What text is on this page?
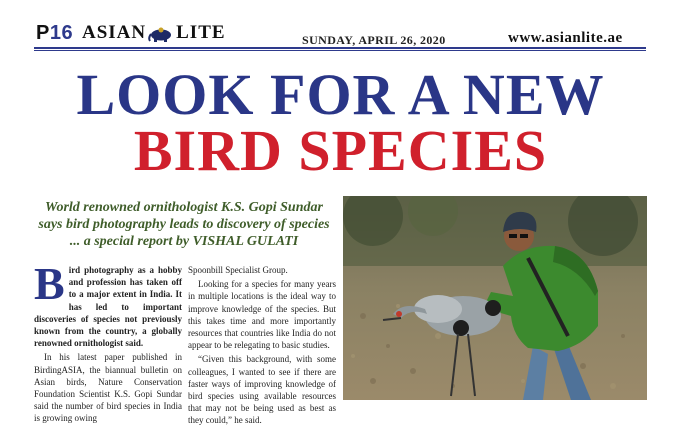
P16 ASIAN LITE	SUNDAY, APRIL 26, 2020	www.asianlite.ae
LOOK FOR A NEW
BIRD SPECIES
World renowned ornithologist K.S. Gopi Sundar says bird photography leads to discovery of species ... a special report by VISHAL GULATI

Bird photography as a hobby and profession has taken off to a major extent in India. It has led to important discoveries of species not previously known from the country, a globally renowned ornithologist said.

In his latest paper published in BirdingASIA, the biannual bulletin on Asian birds, Nature Conservation Foundation Scientist K.S. Gopi Sundar said the number of bird species in India is growing owing

Spoonbill Specialist Group.

Looking for a species for many years in multiple locations is the ideal way to improve knowledge of the species. But this takes time and more importantly resources that countries like India do not appear to be relegating to basic studies.

“Given this background, with some colleagues, I wanted to see if there are faster ways of improving knowledge of bird species using available resources that may not be being used as best as they could,” he said.
